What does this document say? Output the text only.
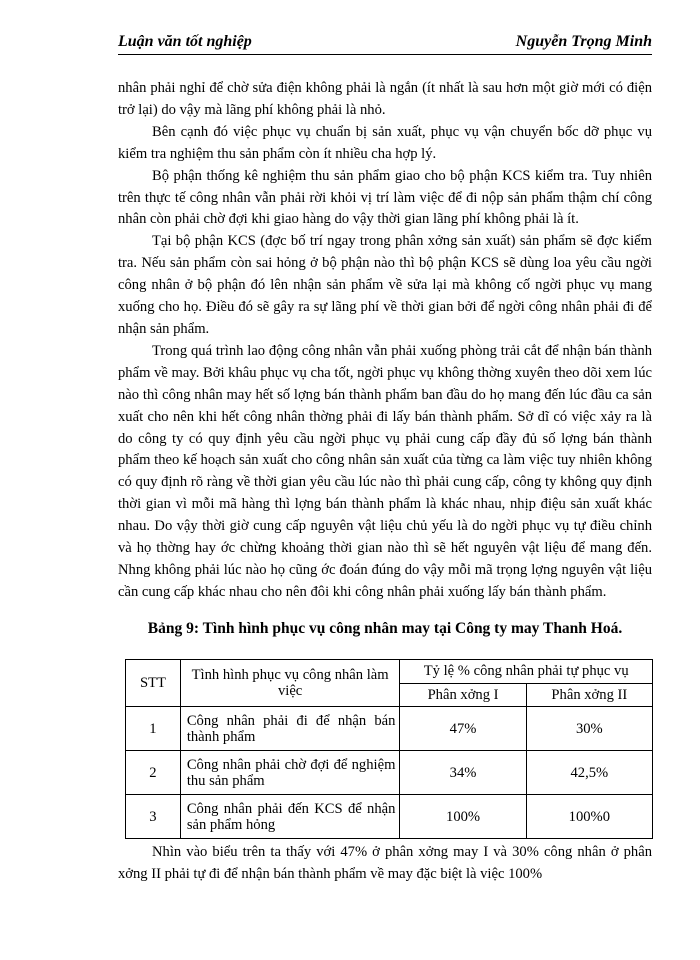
Luận văn tốt nghiệp	Nguyễn Trọng Minh

nhân phải nghỉ để chờ sửa điện không phải là ngắn (ít nhất là sau hơn một giờ mới có điện trở lại) do vậy mà lãng phí không phải là nhỏ.

Bên cạnh đó việc phục vụ chuẩn bị sản xuất, phục vụ vận chuyển bốc dỡ phục vụ kiểm tra nghiệm thu sản phẩm còn ít nhiều cha hợp lý.

Bộ phận thống kê nghiệm thu sản phẩm giao cho bộ phận KCS kiểm tra. Tuy nhiên trên thực tế công nhân vẫn phải rời khỏi vị trí làm việc để đi nộp sản phẩm thậm chí công nhân còn phải chờ đợi khi giao hàng do vậy thời gian lãng phí không phải là ít.

Tại bộ phận KCS (đợc bố trí ngay trong phân xởng sản xuất) sản phẩm sẽ đợc kiểm tra. Nếu sản phẩm còn sai hỏng ở bộ phận nào thì bộ phận KCS sẽ dùng loa yêu cầu ngời công nhân ở bộ phận đó lên nhận sản phẩm về sửa lại mà không cố ngời phục vụ mang xuống cho họ. Điều đó sẽ gây ra sự lãng phí về thời gian bởi để ngời công nhân phải đi để nhận sản phẩm.

Trong quá trình lao động công nhân vẫn phải xuống phòng trải cắt để nhận bán thành phẩm về may. Bởi khâu phục vụ cha tốt, ngời phục vụ không thờng xuyên theo dõi xem lúc nào thì công nhân may hết số lợng bán thành phẩm ban đầu do họ mang đến lúc đầu ca sản xuất cho nên khi hết công nhân thờng phải đi lấy bán thành phẩm. Sở dĩ có việc xảy ra là do công ty có quy định yêu cầu ngời phục vụ phải cung cấp đầy đủ số lợng bán thành phẩm theo kế hoạch sản xuất cho công nhân sản xuất của từng ca làm việc tuy nhiên không có quy định rõ ràng về thời gian yêu cầu lúc nào thì phải cung cấp, công ty không quy định thời gian vì mỗi mã hàng thì lợng bán thành phẩm là khác nhau, nhịp điệu sản xuất khác nhau. Do vậy thời giờ cung cấp nguyên vật liệu chủ yếu là do ngời phục vụ tự điều chỉnh và họ thờng hay ớc chừng khoảng thời gian nào thì sẽ hết nguyên vật liệu để mang đến. Nhng không phải lúc nào họ cũng ớc đoán đúng do vậy mỗi mã trọng lợng nguyên vật liệu cần cung cấp khác nhau cho nên đôi khi công nhân phải xuống lấy bán thành phẩm.

Bảng 9: Tình hình phục vụ công nhân may tại Công ty may Thanh Hoá.
STT	Tình hình phục vụ công nhân làm việc	Tỷ lệ % công nhân phải tự phục vụ	
		Phân xởng I	Phân xởng II
1	Công nhân phải đi để nhận bán thành phẩm	47%	30%
2	Công nhân phải chờ đợi để nghiệm thu sản phẩm	34%	42,5%
3	Công nhân phải đến KCS để nhận sản phẩm hỏng	100%	100%0

Nhìn vào biểu trên ta thấy với 47% ở phân xởng may I và 30% công nhân ở phân xởng II phải tự đi để nhận bán thành phẩm về may đặc biệt là việc 100%
